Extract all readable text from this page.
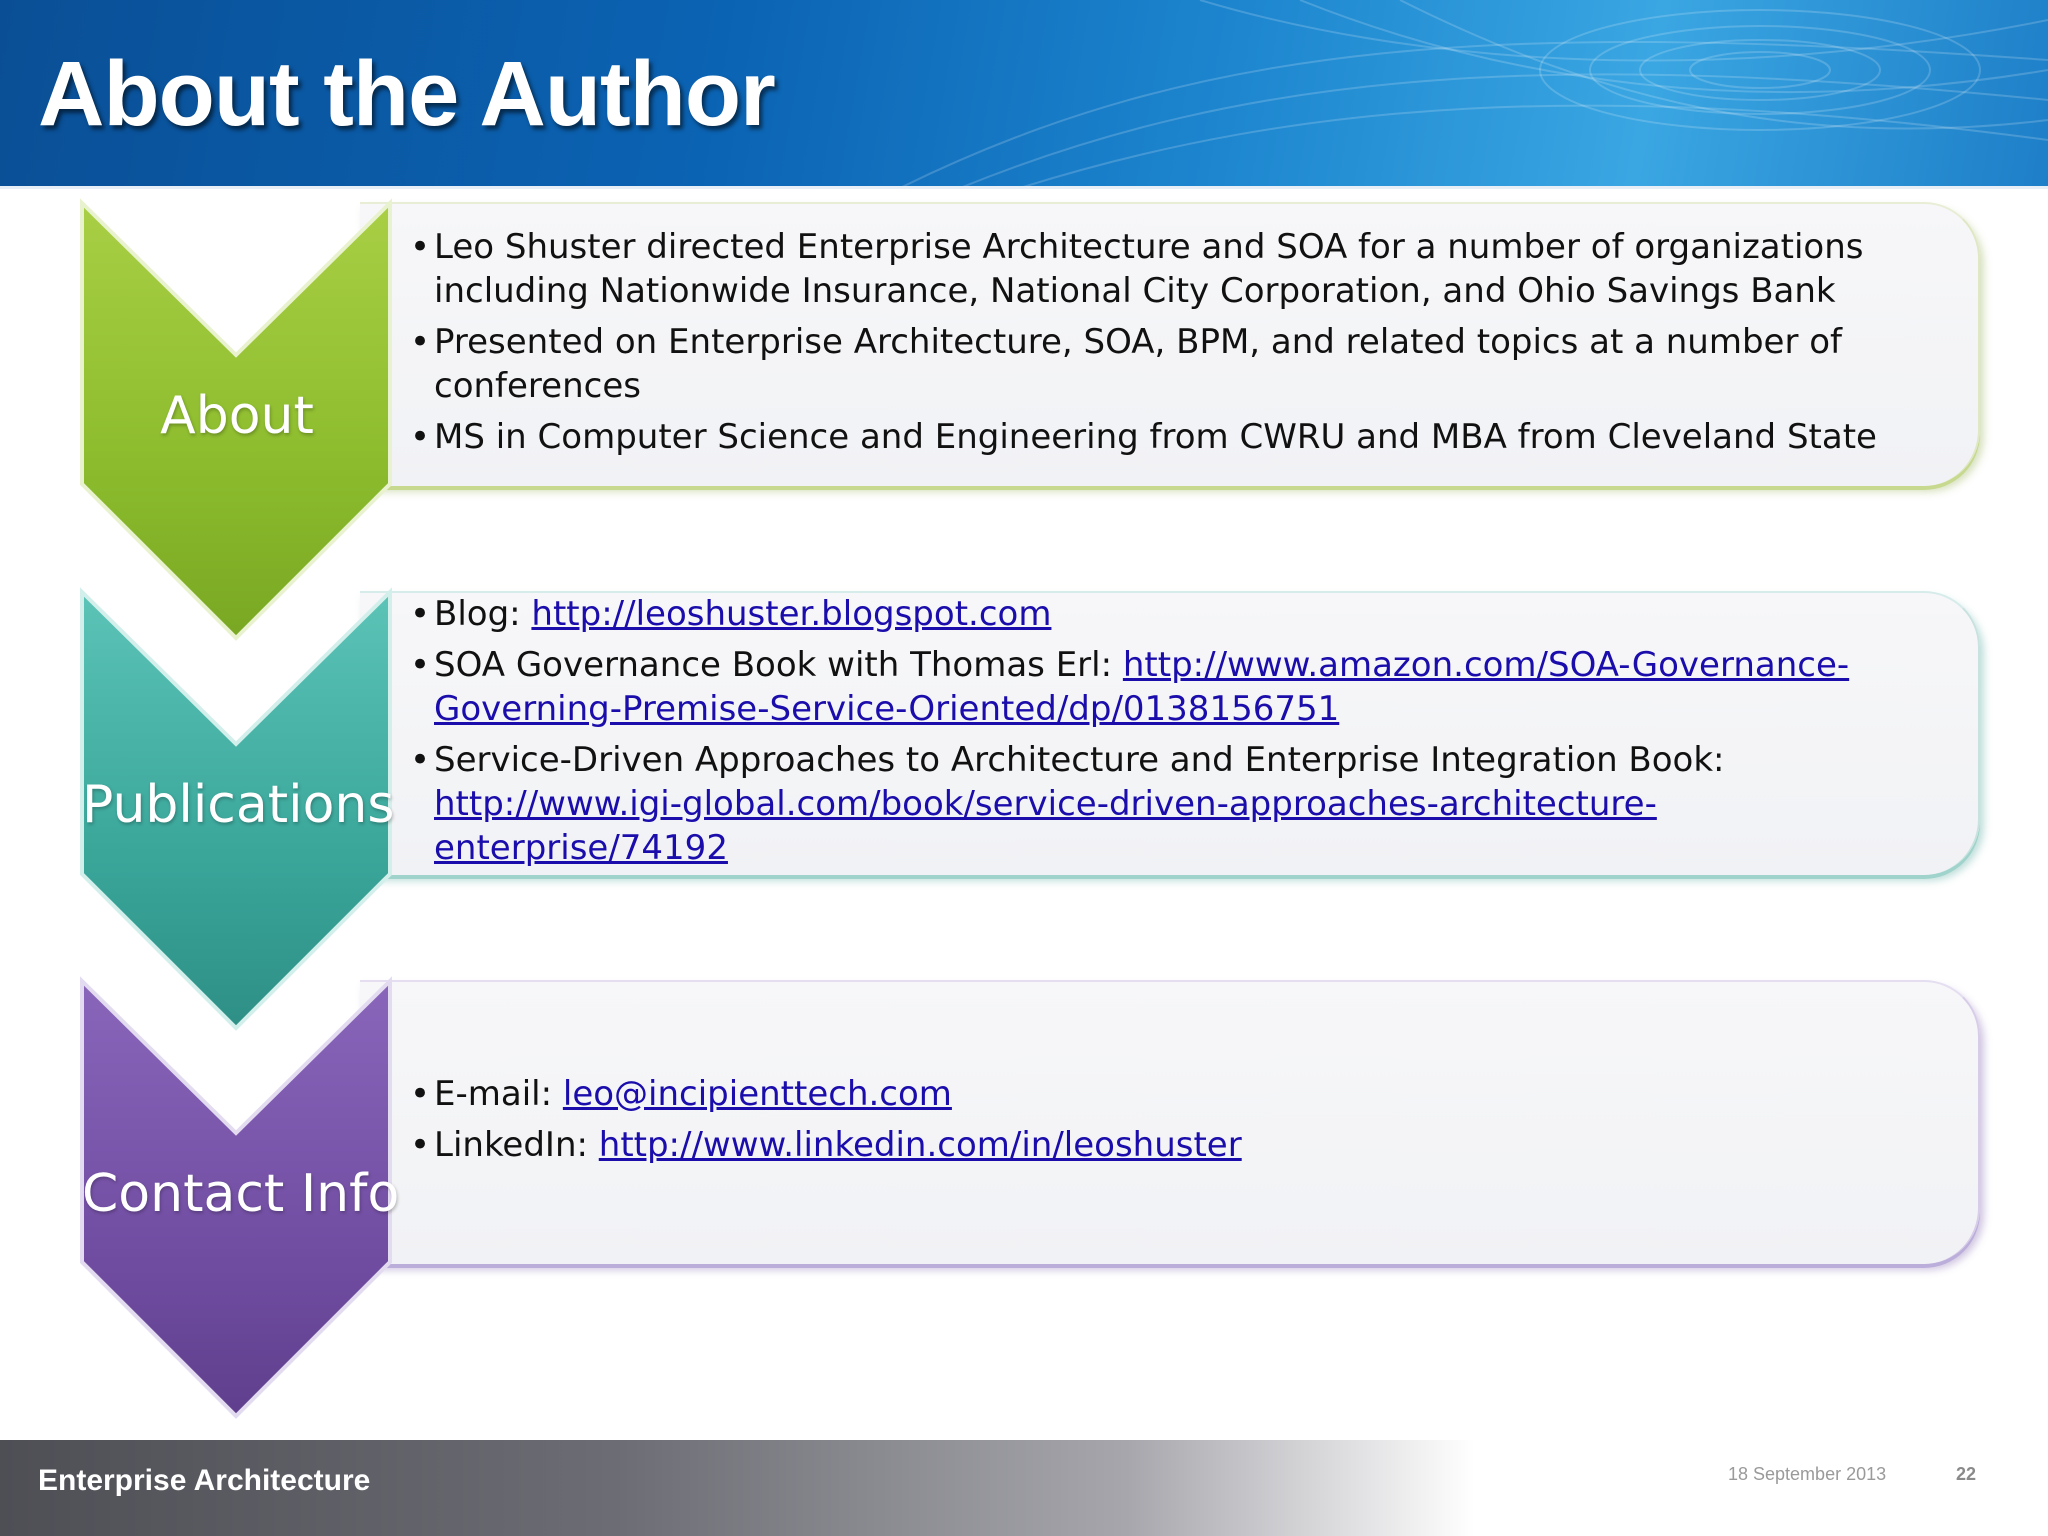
About the Author
• Leo Shuster directed Enterprise Architecture and SOA for a number of organizations including Nationwide Insurance, National City Corporation, and Ohio Savings Bank
• Presented on Enterprise Architecture, SOA, BPM, and related topics at a number of conferences
• MS in Computer Science and Engineering from CWRU and MBA from Cleveland State
• Blog: http://leoshuster.blogspot.com
• SOA Governance Book with Thomas Erl: http://www.amazon.com/SOA-Governance-Governing-Premise-Service-Oriented/dp/0138156751
• Service-Driven Approaches to Architecture and Enterprise Integration Book: http://www.igi-global.com/book/service-driven-approaches-architecture-enterprise/74192
• E-mail: leo@incipienttech.com
• LinkedIn: http://www.linkedin.com/in/leoshuster
About
Publications
Contact Info
Enterprise Architecture	18 September 2013	22
